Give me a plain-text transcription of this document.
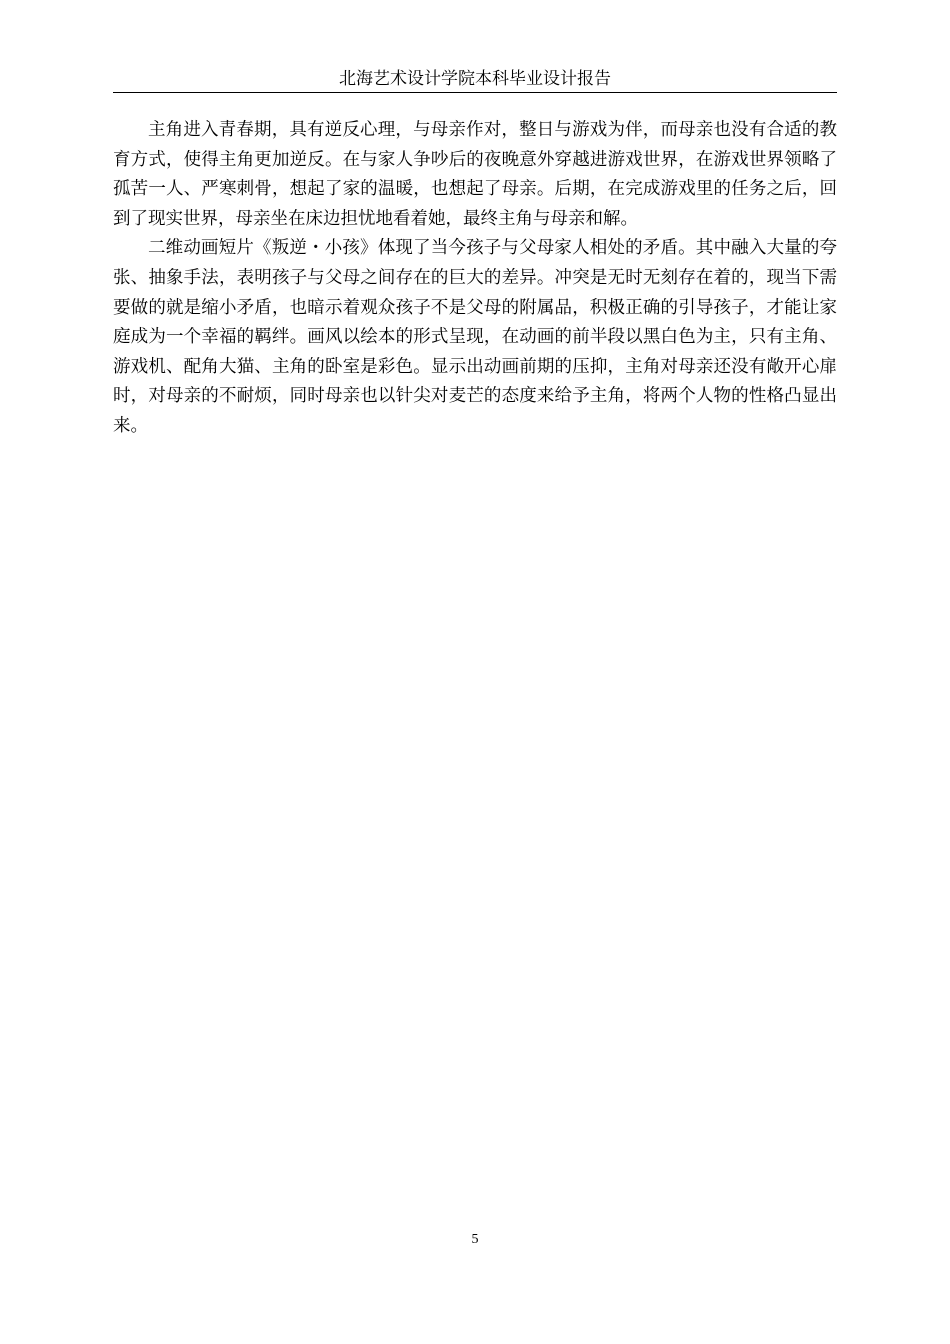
北海艺术设计学院本科毕业设计报告

主角进入青春期，具有逆反心理，与母亲作对，整日与游戏为伴，而母亲也没有合适的教育方式，使得主角更加逆反。在与家人争吵后的夜晚意外穿越进游戏世界，在游戏世界领略了孤苦一人、严寒刺骨，想起了家的温暖，也想起了母亲。后期，在完成游戏里的任务之后，回到了现实世界，母亲坐在床边担忧地看着她，最终主角与母亲和解。

二维动画短片《叛逆・小孩》体现了当今孩子与父母家人相处的矛盾。其中融入大量的夸张、抽象手法，表明孩子与父母之间存在的巨大的差异。冲突是无时无刻存在着的，现当下需要做的就是缩小矛盾，也暗示着观众孩子不是父母的附属品，积极正确的引导孩子，才能让家庭成为一个幸福的羁绊。画风以绘本的形式呈现，在动画的前半段以黑白色为主，只有主角、游戏机、配角大猫、主角的卧室是彩色。显示出动画前期的压抑，主角对母亲还没有敞开心扉时，对母亲的不耐烦，同时母亲也以针尖对麦芒的态度来给予主角，将两个人物的性格凸显出来。

5
